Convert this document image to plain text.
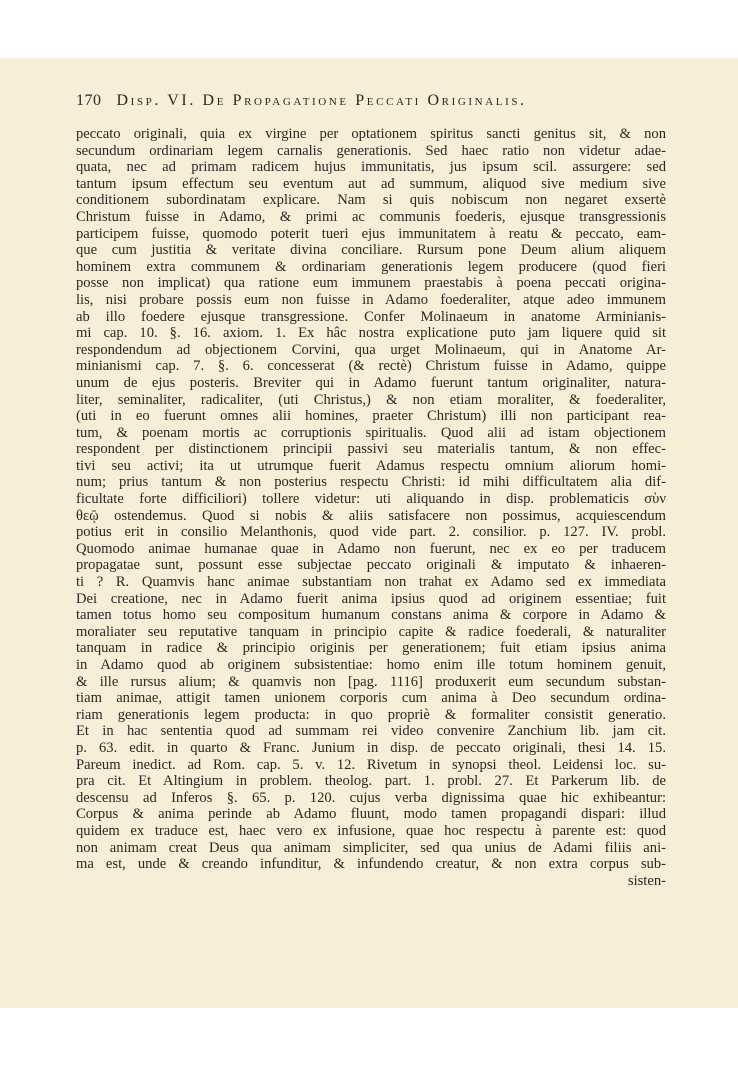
170 Disp. VI. De Propagatione Peccati Originalis.
peccato originali, quia ex virgine per optationem spiritus sancti genitus sit, & non
secundum ordinariam legem carnalis generationis. Sed haec ratio non videtur adae-
quata, nec ad primam radicem hujus immunitatis, jus ipsum scil. assurgere: sed
tantum ipsum effectum seu eventum aut ad summum, aliquod sive medium sive
conditionem subordinatam explicare. Nam si quis nobiscum non negaret exsertè
Christum fuisse in Adamo, & primi ac communis foederis, ejusque transgressionis
participem fuisse, quomodo poterit tueri ejus immunitatem à reatu & peccato, eam-
que cum justitia & veritate divina conciliare. Rursum pone Deum alium aliquem
hominem extra communem & ordinariam generationis legem producere (quod fieri
posse non implicat) qua ratione eum immunem praestabis à poena peccati origina-
lis, nisi probare possis eum non fuisse in Adamo foederaliter, atque adeo immunem
ab illo foedere ejusque transgressione. Confer Molinaeum in anatome Arminianis-
mi cap. 10. §. 16. axiom. 1. Ex hâc nostra explicatione puto jam liquere quid sit
respondendum ad objectionem Corvini, qua urget Molinaeum, qui in Anatome Ar-
minianismi cap. 7. §. 6. concesserat (& rectè) Christum fuisse in Adamo, quippe
unum de ejus posteris. Breviter qui in Adamo fuerunt tantum originaliter, natura-
liter, seminaliter, radicaliter, (uti Christus,) & non etiam moraliter, & foederaliter,
(uti in eo fuerunt omnes alii homines, praeter Christum) illi non participant rea-
tum, & poenam mortis ac corruptionis spiritualis. Quod alii ad istam objectionem
respondent per distinctionem principii passivi seu materialis tantum, & non effec-
tivi seu activi; ita ut utrumque fuerit Adamus respectu omnium aliorum homi-
num; prius tantum & non posterius respectu Christi: id mihi difficultatem alia dif-
ficultate forte difficiliori) tollere videtur: uti aliquando in disp. problematicis σὺν
θεῷ ostendemus. Quod si nobis & aliis satisfacere non possimus, acquiescendum
potius erit in consilio Melanthonis, quod vide part. 2. consilior. p. 127. IV. probl.
Quomodo animae humanae quae in Adamo non fuerunt, nec ex eo per traducem
propagatae sunt, possunt esse subjectae peccato originali & imputato & inhaeren-
ti ? R. Quamvis hanc animae substantiam non trahat ex Adamo sed ex immediata
Dei creatione, nec in Adamo fuerit anima ipsius quod ad originem essentiae; fuit
tamen totus homo seu compositum humanum constans anima & corpore in Adamo &
moraliater seu reputative tanquam in principio capite & radice foederali, & naturaliter
tanquam in radice & principio originis per generationem; fuit etiam ipsius anima
in Adamo quod ab originem subsistentiae: homo enim ille totum hominem genuit,
& ille rursus alium; & quamvis non [pag. 1116] produxerit eum secundum substan-
tiam animae, attigit tamen unionem corporis cum anima à Deo secundum ordina-
riam generationis legem producta: in quo propriè & formaliter consistit generatio.
Et in hac sententia quod ad summam rei video convenire Zanchium lib. jam cit.
p. 63. edit. in quarto & Franc. Junium in disp. de peccato originali, thesi 14. 15.
Pareum inedict. ad Rom. cap. 5. v. 12. Rivetum in synopsi theol. Leidensi loc. su-
pra cit. Et Altingium in problem. theolog. part. 1. probl. 27. Et Parkerum lib. de
descensu ad Inferos §. 65. p. 120. cujus verba dignissima quae hic exhibeantur:
Corpus & anima perinde ab Adamo fluunt, modo tamen propagandi dispari: illud
quidem ex traduce est, haec vero ex infusione, quae hoc respectu à parente est: quod
non animam creat Deus qua animam simpliciter, sed qua unius de Adami filiis ani-
ma est, unde & creando infunditur, & infundendo creatur, & non extra corpus sub-
sisten-
